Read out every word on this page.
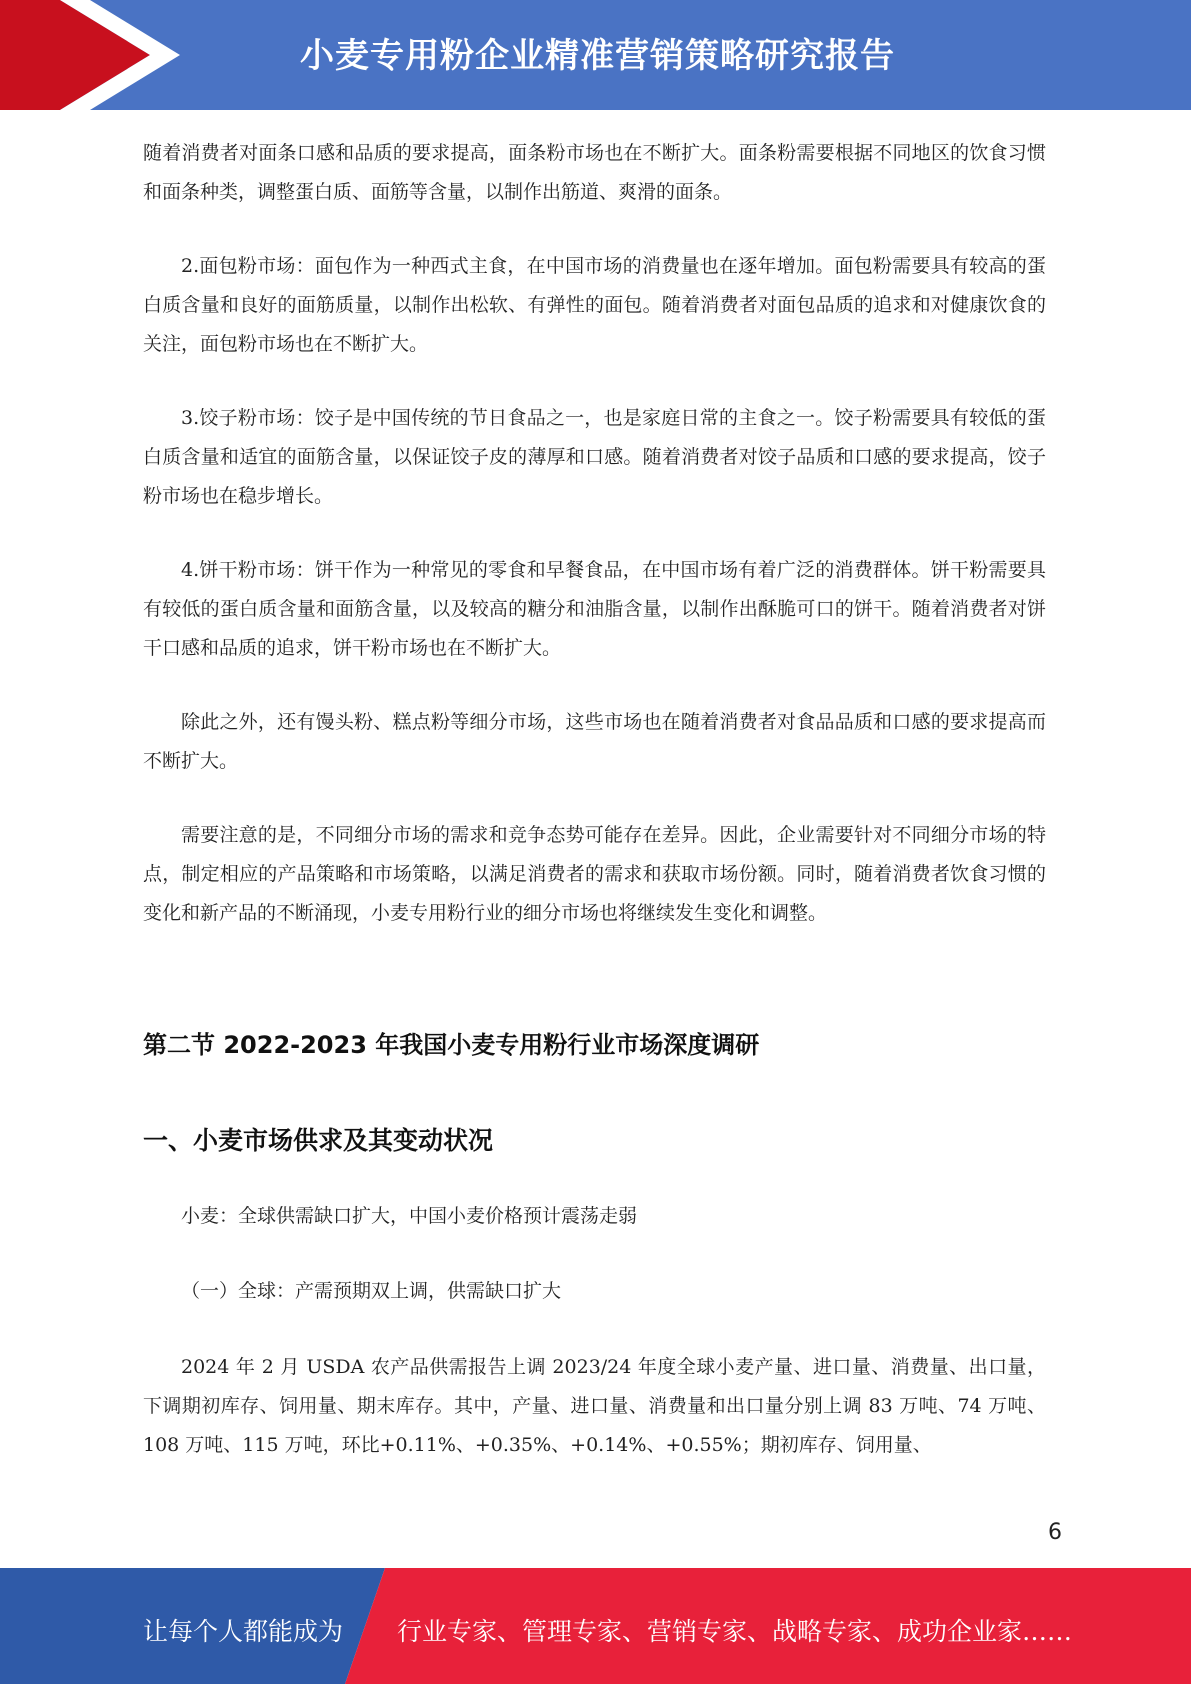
小麦专用粉企业精准营销策略研究报告

随着消费者对面条口感和品质的要求提高，面条粉市场也在不断扩大。面条粉需要根据不同地区的饮食习惯和面条种类，调整蛋白质、面筋等含量，以制作出筋道、爽滑的面条。

2.面包粉市场：面包作为一种西式主食，在中国市场的消费量也在逐年增加。面包粉需要具有较高的蛋白质含量和良好的面筋质量，以制作出松软、有弹性的面包。随着消费者对面包品质的追求和对健康饮食的关注，面包粉市场也在不断扩大。

3.饺子粉市场：饺子是中国传统的节日食品之一，也是家庭日常的主食之一。饺子粉需要具有较低的蛋白质含量和适宜的面筋含量，以保证饺子皮的薄厚和口感。随着消费者对饺子品质和口感的要求提高，饺子粉市场也在稳步增长。

4.饼干粉市场：饼干作为一种常见的零食和早餐食品，在中国市场有着广泛的消费群体。饼干粉需要具有较低的蛋白质含量和面筋含量，以及较高的糖分和油脂含量，以制作出酥脆可口的饼干。随着消费者对饼干口感和品质的追求，饼干粉市场也在不断扩大。

除此之外，还有馒头粉、糕点粉等细分市场，这些市场也在随着消费者对食品品质和口感的要求提高而不断扩大。

需要注意的是，不同细分市场的需求和竞争态势可能存在差异。因此，企业需要针对不同细分市场的特点，制定相应的产品策略和市场策略，以满足消费者的需求和获取市场份额。同时，随着消费者饮食习惯的变化和新产品的不断涌现，小麦专用粉行业的细分市场也将继续发生变化和调整。

第二节 2022-2023 年我国小麦专用粉行业市场深度调研
一、小麦市场供求及其变动状况

小麦：全球供需缺口扩大，中国小麦价格预计震荡走弱

（一）全球：产需预期双上调，供需缺口扩大

2024 年 2 月 USDA 农产品供需报告上调 2023/24 年度全球小麦产量、进口量、消费量、出口量，下调期初库存、饲用量、期末库存。其中，产量、进口量、消费量和出口量分别上调 83 万吨、74 万吨、108 万吨、115 万吨，环比+0.11%、+0.35%、+0.14%、+0.55%；期初库存、饲用量、

6
让每个人都能成为 行业专家、管理专家、营销专家、战略专家、成功企业家……
